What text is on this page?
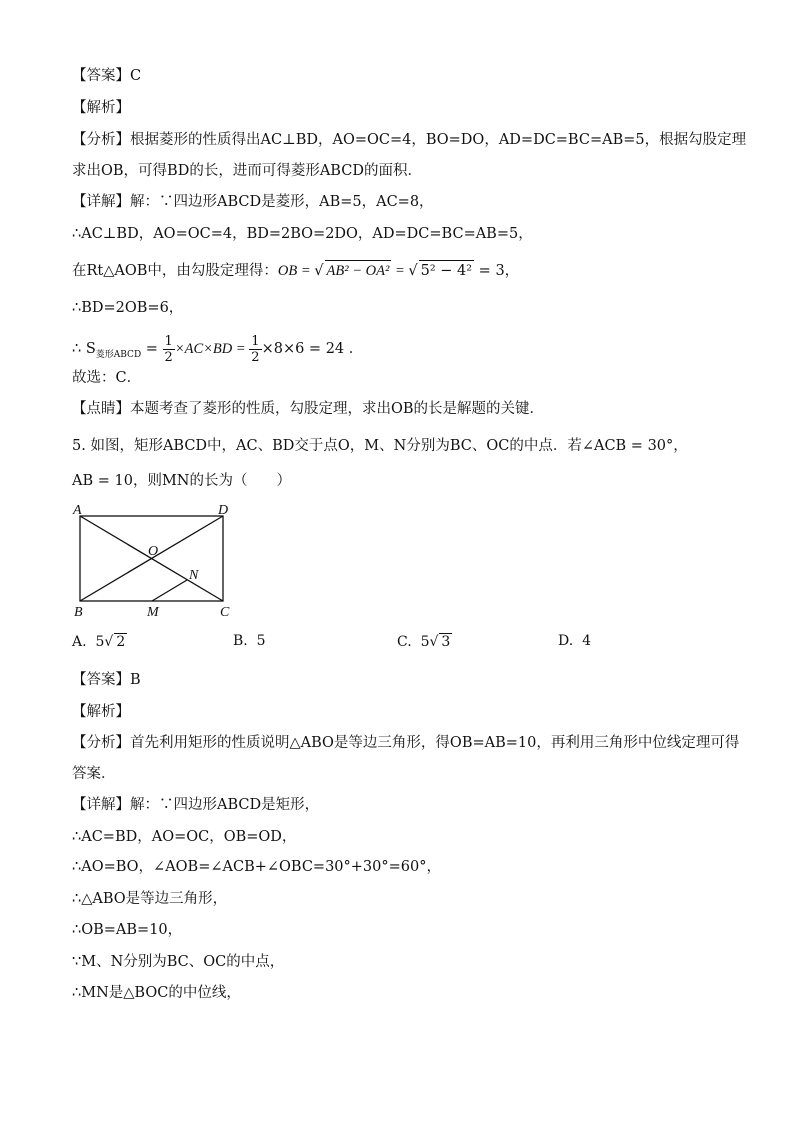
【答案】C
【解析】
【分析】根据菱形的性质得出AC⊥BD，AO=OC=4，BO=DO，AD=DC=BC=AB=5，根据勾股定理
求出OB，可得BD的长，进而可得菱形ABCD的面积．
【详解】解：∵四边形ABCD是菱形，AB=5，AC=8，
∴AC⊥BD，AO=OC=4，BD=2BO=2DO，AD=DC=BC=AB=5，
在Rt△AOB中，由勾股定理得：OB = √ AB² − OA² = √ 5² − 4² = 3，
∴BD=2OB=6，
∴ $S_{菱形ABCD} = \frac{1}{2} \times AC\times BD = \frac{1}{2} \times 8\times 6 = 24$ ．
故选：C．
【点睛】本题考查了菱形的性质，勾股定理，求出OB的长是解题的关键．
5. 如图，矩形ABCD中，AC、BD交于点O，M、N分别为BC、OC的中点．若∠ACB = 30°，
AB = 10，则MN的长为（　　）
A	D
O
N
B	M	C
A. 5√ 2	B. 5	C. 5√ 3	D. 4
【答案】B
【解析】
【分析】首先利用矩形的性质说明△ABO是等边三角形，得OB=AB=10，再利用三角形中位线定理可得
答案．
【详解】解：∵四边形ABCD是矩形，
∴AC=BD，AO=OC，OB=OD，
∴AO=BO，∠AOB=∠ACB+∠OBC=30°+30°=60°，
∴△ABO是等边三角形，
∴OB=AB=10，
∵M、N分别为BC、OC的中点，
∴MN是△BOC的中位线，
